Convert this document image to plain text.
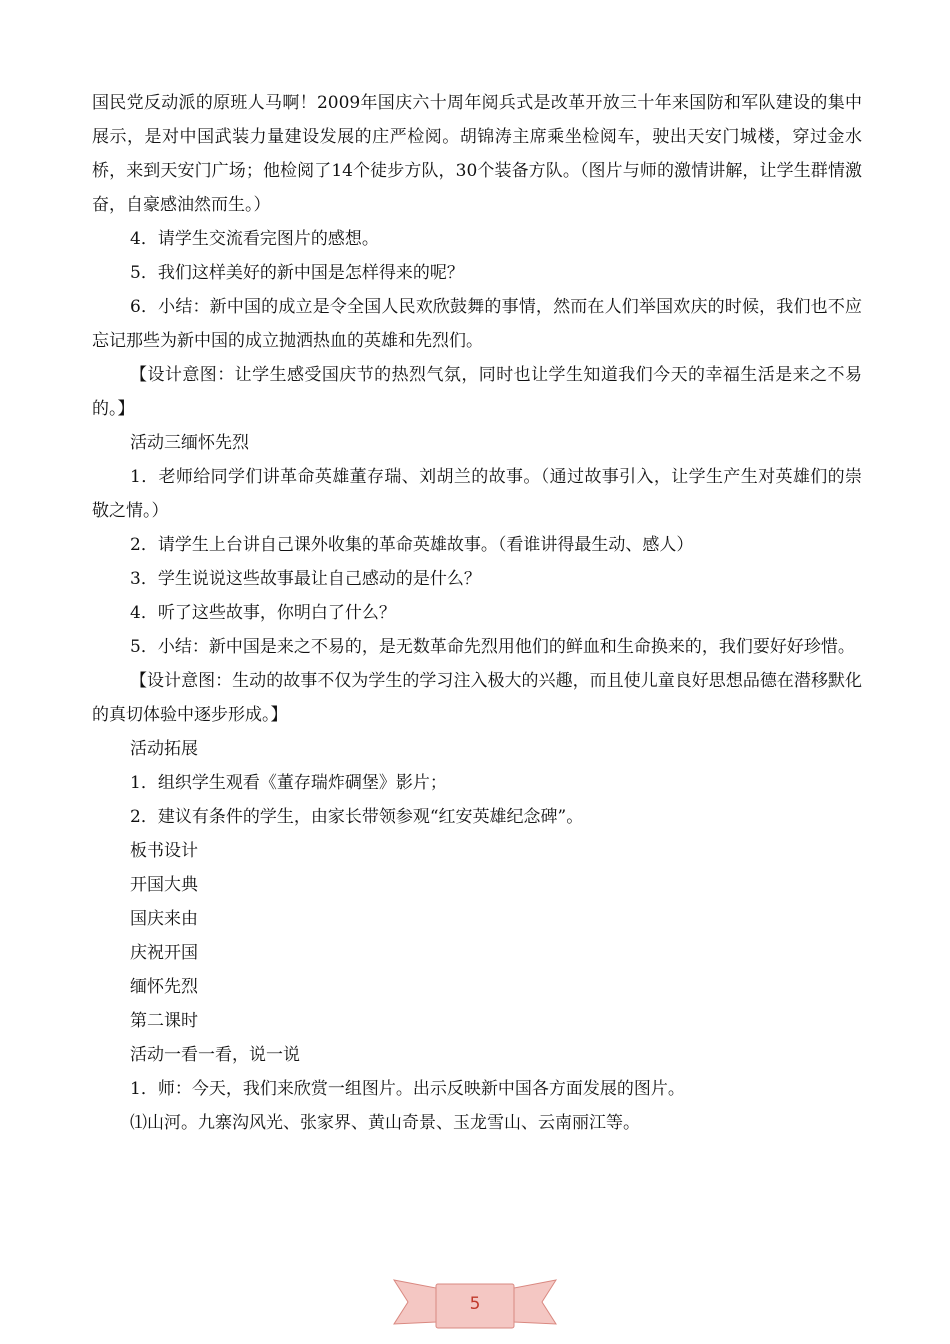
国民党反动派的原班人马啊！2009年国庆六十周年阅兵式是改革开放三十年来国防和军队建设的集中展示，是对中国武装力量建设发展的庄严检阅。胡锦涛主席乘坐检阅车，驶出天安门城楼，穿过金水桥，来到天安门广场；他检阅了14个徒步方队，30个装备方队。（图片与师的激情讲解，让学生群情激奋，自豪感油然而生。）

4．请学生交流看完图片的感想。

5．我们这样美好的新中国是怎样得来的呢？

6．小结：新中国的成立是令全国人民欢欣鼓舞的事情，然而在人们举国欢庆的时候，我们也不应忘记那些为新中国的成立抛洒热血的英雄和先烈们。

【设计意图：让学生感受国庆节的热烈气氛，同时也让学生知道我们今天的幸福生活是来之不易的。】

活动三缅怀先烈

1．老师给同学们讲革命英雄董存瑞、刘胡兰的故事。（通过故事引入，让学生产生对英雄们的崇敬之情。）

2．请学生上台讲自己课外收集的革命英雄故事。（看谁讲得最生动、感人）

3．学生说说这些故事最让自己感动的是什么？

4．听了这些故事，你明白了什么？

5．小结：新中国是来之不易的，是无数革命先烈用他们的鲜血和生命换来的，我们要好好珍惜。

【设计意图：生动的故事不仅为学生的学习注入极大的兴趣，而且使儿童良好思想品德在潜移默化的真切体验中逐步形成。】

活动拓展

1．组织学生观看《董存瑞炸碉堡》影片；

2．建议有条件的学生，由家长带领参观“红安英雄纪念碑”。

板书设计

开国大典

国庆来由

庆祝开国

缅怀先烈

第二课时

活动一看一看，说一说

1．师：今天，我们来欣赏一组图片。出示反映新中国各方面发展的图片。

⑴山河。九寨沟风光、张家界、黄山奇景、玉龙雪山、云南丽江等。

5
